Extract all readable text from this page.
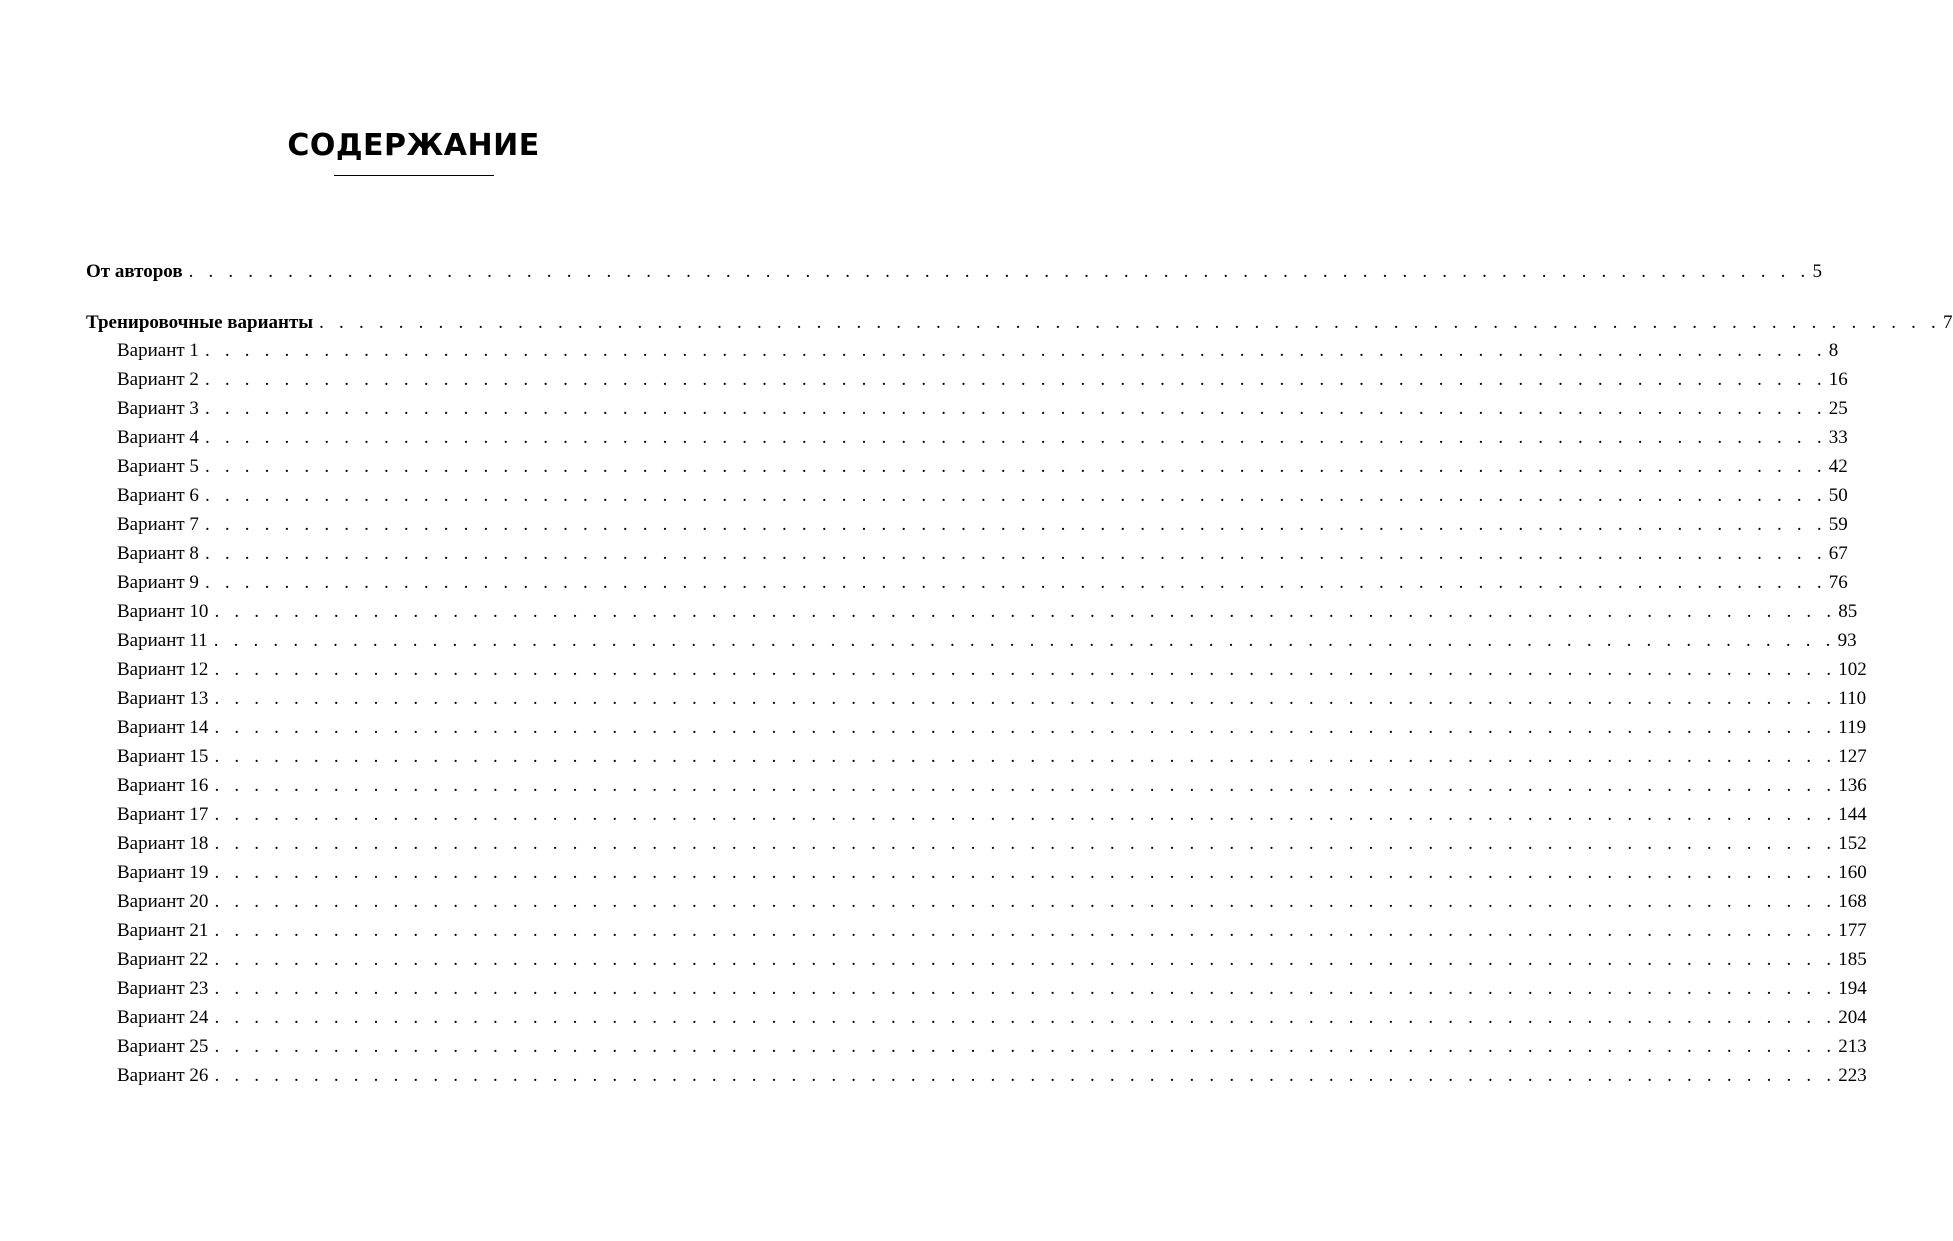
СОДЕРЖАНИЕ
От авторов . . . . . . . . . . . . . . . . . . . . . . . . . . . . . . . . . . . . . . . . . . . . . . . . . . . . . . . . . . . . . . . . . . . . . . . . . . . . . . . . . . 5
Тренировочные варианты . . . . . . . . . . . . . . . . . . . . . . . . . . . . . . . . . . . . . . . . . . . . . . . . . . . . . . . . . . . . . . . . . . . . . . . . . . . . . . . . . . 7
Вариант 1 . . . . . . . . . . . . . . . . . . . . . . . . . . . . . . . . . . . . . . . . . . . . . . . . . . . . . . . . . . . . . . . . . . . . . . . . . . . . . . . . . . 8
Вариант 2 . . . . . . . . . . . . . . . . . . . . . . . . . . . . . . . . . . . . . . . . . . . . . . . . . . . . . . . . . . . . . . . . . . . . . . . . . . . . . . . . . . 16
Вариант 3 . . . . . . . . . . . . . . . . . . . . . . . . . . . . . . . . . . . . . . . . . . . . . . . . . . . . . . . . . . . . . . . . . . . . . . . . . . . . . . . . . . 25
Вариант 4 . . . . . . . . . . . . . . . . . . . . . . . . . . . . . . . . . . . . . . . . . . . . . . . . . . . . . . . . . . . . . . . . . . . . . . . . . . . . . . . . . . 33
Вариант 5 . . . . . . . . . . . . . . . . . . . . . . . . . . . . . . . . . . . . . . . . . . . . . . . . . . . . . . . . . . . . . . . . . . . . . . . . . . . . . . . . . . 42
Вариант 6 . . . . . . . . . . . . . . . . . . . . . . . . . . . . . . . . . . . . . . . . . . . . . . . . . . . . . . . . . . . . . . . . . . . . . . . . . . . . . . . . . . 50
Вариант 7 . . . . . . . . . . . . . . . . . . . . . . . . . . . . . . . . . . . . . . . . . . . . . . . . . . . . . . . . . . . . . . . . . . . . . . . . . . . . . . . . . . 59
Вариант 8 . . . . . . . . . . . . . . . . . . . . . . . . . . . . . . . . . . . . . . . . . . . . . . . . . . . . . . . . . . . . . . . . . . . . . . . . . . . . . . . . . . 67
Вариант 9 . . . . . . . . . . . . . . . . . . . . . . . . . . . . . . . . . . . . . . . . . . . . . . . . . . . . . . . . . . . . . . . . . . . . . . . . . . . . . . . . . . 76
Вариант 10 . . . . . . . . . . . . . . . . . . . . . . . . . . . . . . . . . . . . . . . . . . . . . . . . . . . . . . . . . . . . . . . . . . . . . . . . . . . . . . . . . . 85
Вариант 11 . . . . . . . . . . . . . . . . . . . . . . . . . . . . . . . . . . . . . . . . . . . . . . . . . . . . . . . . . . . . . . . . . . . . . . . . . . . . . . . . . . 93
Вариант 12 . . . . . . . . . . . . . . . . . . . . . . . . . . . . . . . . . . . . . . . . . . . . . . . . . . . . . . . . . . . . . . . . . . . . . . . . . . . . . . . . . . 102
Вариант 13 . . . . . . . . . . . . . . . . . . . . . . . . . . . . . . . . . . . . . . . . . . . . . . . . . . . . . . . . . . . . . . . . . . . . . . . . . . . . . . . . . . 110
Вариант 14 . . . . . . . . . . . . . . . . . . . . . . . . . . . . . . . . . . . . . . . . . . . . . . . . . . . . . . . . . . . . . . . . . . . . . . . . . . . . . . . . . . 119
Вариант 15 . . . . . . . . . . . . . . . . . . . . . . . . . . . . . . . . . . . . . . . . . . . . . . . . . . . . . . . . . . . . . . . . . . . . . . . . . . . . . . . . . . 127
Вариант 16 . . . . . . . . . . . . . . . . . . . . . . . . . . . . . . . . . . . . . . . . . . . . . . . . . . . . . . . . . . . . . . . . . . . . . . . . . . . . . . . . . . 136
Вариант 17 . . . . . . . . . . . . . . . . . . . . . . . . . . . . . . . . . . . . . . . . . . . . . . . . . . . . . . . . . . . . . . . . . . . . . . . . . . . . . . . . . . 144
Вариант 18 . . . . . . . . . . . . . . . . . . . . . . . . . . . . . . . . . . . . . . . . . . . . . . . . . . . . . . . . . . . . . . . . . . . . . . . . . . . . . . . . . . 152
Вариант 19 . . . . . . . . . . . . . . . . . . . . . . . . . . . . . . . . . . . . . . . . . . . . . . . . . . . . . . . . . . . . . . . . . . . . . . . . . . . . . . . . . . 160
Вариант 20 . . . . . . . . . . . . . . . . . . . . . . . . . . . . . . . . . . . . . . . . . . . . . . . . . . . . . . . . . . . . . . . . . . . . . . . . . . . . . . . . . . 168
Вариант 21 . . . . . . . . . . . . . . . . . . . . . . . . . . . . . . . . . . . . . . . . . . . . . . . . . . . . . . . . . . . . . . . . . . . . . . . . . . . . . . . . . . 177
Вариант 22 . . . . . . . . . . . . . . . . . . . . . . . . . . . . . . . . . . . . . . . . . . . . . . . . . . . . . . . . . . . . . . . . . . . . . . . . . . . . . . . . . . 185
Вариант 23 . . . . . . . . . . . . . . . . . . . . . . . . . . . . . . . . . . . . . . . . . . . . . . . . . . . . . . . . . . . . . . . . . . . . . . . . . . . . . . . . . . 194
Вариант 24 . . . . . . . . . . . . . . . . . . . . . . . . . . . . . . . . . . . . . . . . . . . . . . . . . . . . . . . . . . . . . . . . . . . . . . . . . . . . . . . . . . 204
Вариант 25 . . . . . . . . . . . . . . . . . . . . . . . . . . . . . . . . . . . . . . . . . . . . . . . . . . . . . . . . . . . . . . . . . . . . . . . . . . . . . . . . . . 213
Вариант 26 . . . . . . . . . . . . . . . . . . . . . . . . . . . . . . . . . . . . . . . . . . . . . . . . . . . . . . . . . . . . . . . . . . . . . . . . . . . . . . . . . . 223
